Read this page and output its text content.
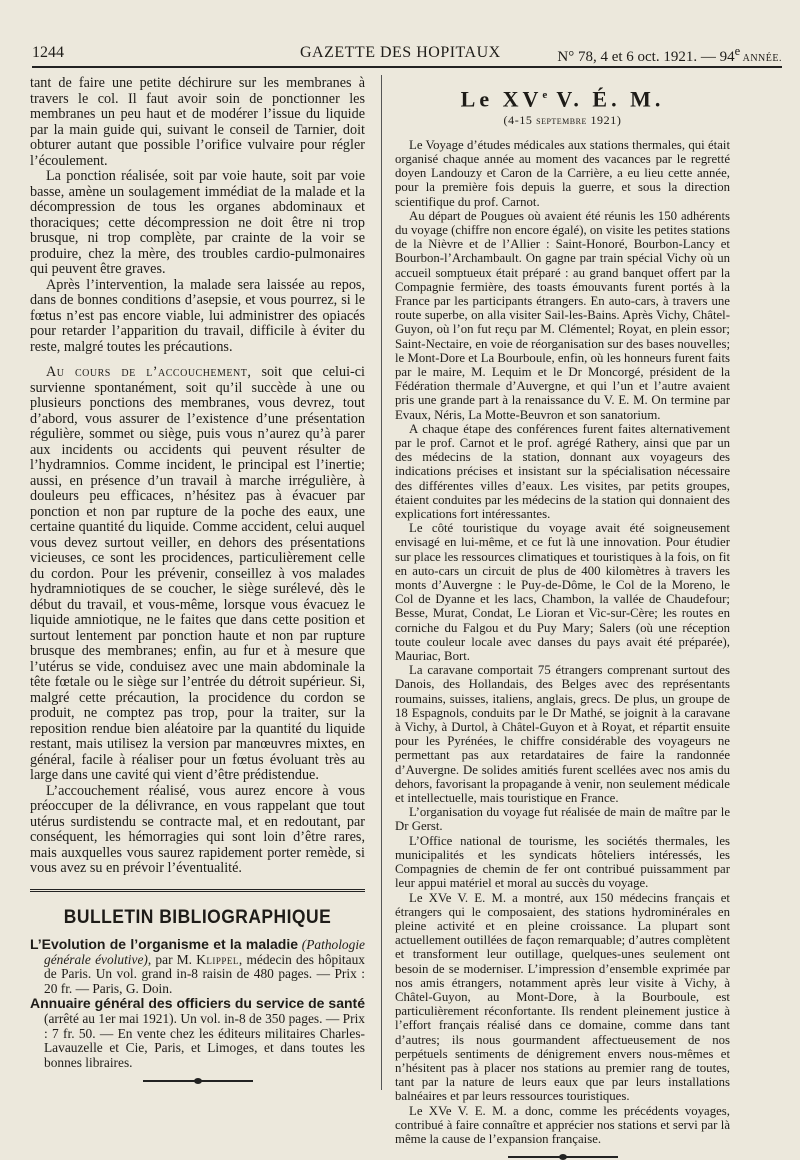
1244	GAZETTE DES HOPITAUX	N° 78, 4 et 6 oct. 1921. — 94e ANNÉE.

tant de faire une petite déchirure sur les membranes à travers le col. Il faut avoir soin de ponctionner les membranes un peu haut et de modérer l’issue du liquide par la main guide qui, suivant le conseil de Tarnier, doit obturer autant que possible l’orifice vulvaire pour régler l’écoulement.

La ponction réalisée, soit par voie haute, soit par voie basse, amène un soulagement immédiat de la malade et la décompression de tous les organes abdominaux et thoraciques; cette décompression ne doit être ni trop brusque, ni trop complète, par crainte de la voir se produire, chez la mère, des troubles cardio-pulmonaires qui peuvent être graves.

Après l’intervention, la malade sera laissée au repos, dans de bonnes conditions d’asepsie, et vous pourrez, si le fœtus n’est pas encore viable, lui administrer des opiacés pour retarder l’apparition du travail, difficile à éviter du reste, malgré toutes les précautions.

Au cours de l’accouchement, soit que celui-ci survienne spontanément, soit qu’il succède à une ou plusieurs ponctions des membranes, vous devrez, tout d’abord, vous assurer de l’existence d’une présentation régulière, sommet ou siège, puis vous n’aurez qu’à parer aux incidents ou accidents qui peuvent résulter de l’hydramnios. Comme incident, le principal est l’inertie; aussi, en présence d’un travail à marche irrégulière, à douleurs peu efficaces, n’hésitez pas à évacuer par ponction et non par rupture de la poche des eaux, une certaine quantité du liquide. Comme accident, celui auquel vous devez surtout veiller, en dehors des présentations vicieuses, ce sont les procidences, particulièrement celle du cordon. Pour les prévenir, conseillez à vos malades hydramniotiques de se coucher, le siège surélevé, dès le début du travail, et vous-même, lorsque vous évacuez le liquide amniotique, ne le faites que dans cette position et surtout lentement par ponction haute et non par rupture brusque des membranes; enfin, au fur et à mesure que l’utérus se vide, conduisez avec une main abdominale la tête fœtale ou le siège sur l’entrée du détroit supérieur. Si, malgré cette précaution, la procidence du cordon se produit, ne comptez pas trop, pour la traiter, sur la reposition rendue bien aléatoire par la quantité du liquide restant, mais utilisez la version par manœuvres mixtes, en général, facile à réaliser pour un fœtus évoluant très au large dans une cavité qui vient d’être prédistendue.

L’accouchement réalisé, vous aurez encore à vous préoccuper de la délivrance, en vous rappelant que tout utérus surdistendu se contracte mal, et en redoutant, par conséquent, les hémorragies qui sont loin d’être rares, mais auxquelles vous saurez rapidement porter remède, si vous avez su en prévoir l’éventualité.

BULLETIN BIBLIOGRAPHIQUE

L’Evolution de l’organisme et la maladie (Pathologie générale évolutive), par M. Klippel, médecin des hôpitaux de Paris. Un vol. grand in-8 raisin de 480 pages. — Prix : 20 fr. — Paris, G. Doin.

Annuaire général des officiers du service de santé (arrêté au 1er mai 1921). Un vol. in-8 de 350 pages. — Prix : 7 fr. 50. — En vente chez les éditeurs militaires Charles-Lavauzelle et Cie, Paris, et Limoges, et dans toutes les bonnes libraires.

Le XVe V. É. M.
(4-15 septembre 1921)

Le Voyage d’études médicales aux stations thermales, qui était organisé chaque année au moment des vacances par le regretté doyen Landouzy et Caron de la Carrière, a eu lieu cette année, pour la première fois depuis la guerre, et sous la direction scientifique du prof. Carnot.

Au départ de Pougues où avaient été réunis les 150 adhérents du voyage (chiffre non encore égalé), on visite les petites stations de la Nièvre et de l’Allier : Saint-Honoré, Bourbon-Lancy et Bourbon-l’Archambault. On gagne par train spécial Vichy où un accueil somptueux était préparé : au grand banquet offert par la Compagnie fermière, des toasts émouvants furent portés à la France par les participants étrangers. En auto-cars, à travers une route superbe, on alla visiter Sail-les-Bains. Après Vichy, Châtel-Guyon, où l’on fut reçu par M. Clémentel; Royat, en plein essor; Saint-Nectaire, en voie de réorganisation sur des bases nouvelles; le Mont-Dore et La Bourboule, enfin, où les honneurs furent faits par le maire, M. Lequim et le Dr Moncorgé, président de la Fédération thermale d’Auvergne, et qui l’un et l’autre avaient pris une grande part à la renaissance du V. E. M. On termine par Evaux, Néris, La Motte-Beuvron et son sanatorium.

A chaque étape des conférences furent faites alternativement par le prof. Carnot et le prof. agrégé Rathery, ainsi que par un des médecins de la station, donnant aux voyageurs des indications précises et insistant sur la spécialisation nécessaire des différentes villes d’eaux. Les visites, par petits groupes, étaient conduites par les médecins de la station qui donnaient des explications fort intéressantes.

Le côté touristique du voyage avait été soigneusement envisagé en lui-même, et ce fut là une innovation. Pour étudier sur place les ressources climatiques et touristiques à la fois, on fit en auto-cars un circuit de plus de 400 kilomètres à travers les monts d’Auvergne : le Puy-de-Dôme, le Col de la Moreno, le Col de Dyanne et les lacs, Chambon, la vallée de Chaudefour; Besse, Murat, Condat, Le Lioran et Vic-sur-Cère; les routes en corniche du Falgou et du Puy Mary; Salers (où une réception toute couleur locale avec danses du pays avait été préparée), Mauriac, Bort.

La caravane comportait 75 étrangers comprenant surtout des Danois, des Hollandais, des Belges avec des représentants roumains, suisses, italiens, anglais, grecs. De plus, un groupe de 18 Espagnols, conduits par le Dr Mathé, se joignit à la caravane à Vichy, à Durtol, à Châtel-Guyon et à Royat, et répartit ensuite pour les Pyrénées, le chiffre considérable des voyageurs ne permettant pas aux retardataires de faire la randonnée d’Auvergne. De solides amitiés furent scellées avec nos amis du dehors, favorisant la propagande à venir, non seulement médicale et intellectuelle, mais touristique en France.

L’organisation du voyage fut réalisée de main de maître par le Dr Gerst.

L’Office national de tourisme, les sociétés thermales, les municipalités et les syndicats hôteliers intéressés, les Compagnies de chemin de fer ont contribué puissamment par leur appui matériel et moral au succès du voyage.

Le XVe V. E. M. a montré, aux 150 médecins français et étrangers qui le composaient, des stations hydrominérales en pleine activité et en pleine croissance. La plupart sont actuellement outillées de façon remarquable; d’autres complètent et transforment leur outillage, quelques-unes seulement ont besoin de se moderniser. L’impression d’ensemble exprimée par nos amis étrangers, notamment après leur visite à Vichy, à Châtel-Guyon, au Mont-Dore, à la Bourboule, est particulièrement réconfortante. Ils rendent pleinement justice à l’effort français réalisé dans ce domaine, comme dans tant d’autres; ils nous gourmandent affectueusement de nos perpétuels sentiments de dénigrement envers nous-mêmes et n’hésitent pas à placer nos stations au premier rang de toutes, tant par la nature de leurs eaux que par leurs installations balnéaires et par leurs ressources touristiques.

Le XVe V. E. M. a donc, comme les précédents voyages, contribué à faire connaître et apprécier nos stations et servi par là même la cause de l’expansion française.
